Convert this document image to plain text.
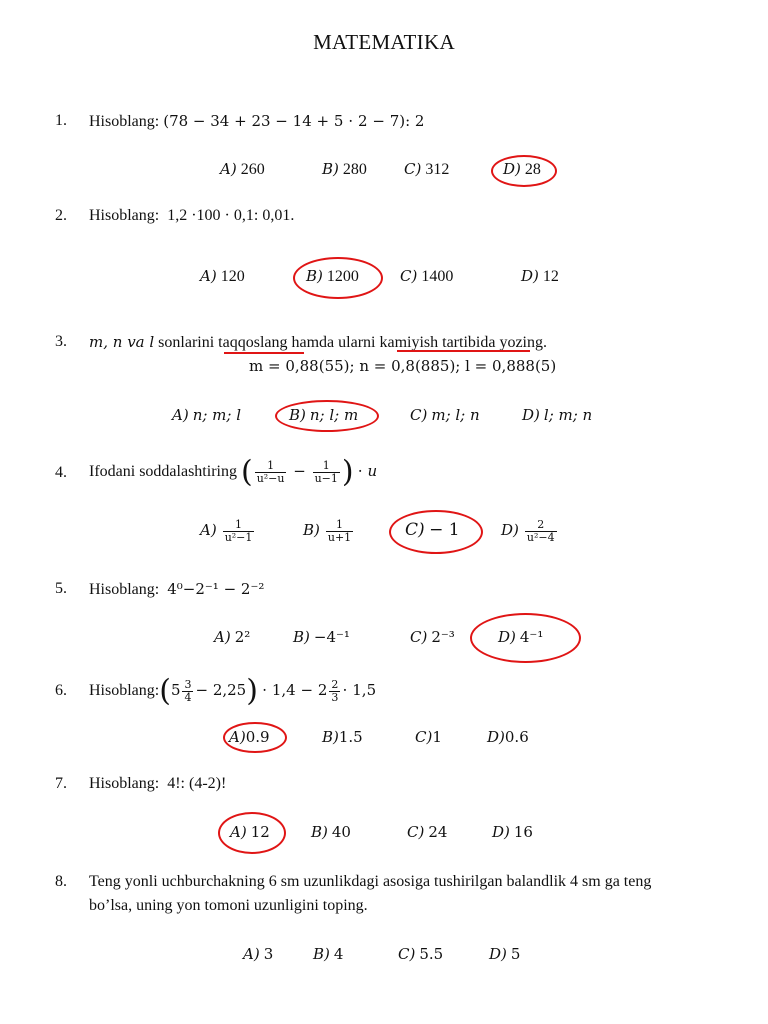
MATEMATIKA
1. Hisoblang: (78 − 34 + 23 − 14 + 5 ⋅ 2 − 7): 2
A) 260	B) 280 C) 312	D) 28
2. Hisoblang: 1,2 ·100 · 0,1: 0,01.
A) 120	B) 1200	C) 1400	D) 12
3. m, n va l sonlarini taqqoslang hamda ularni kamiyish tartibida yozing.
m = 0,88(55); n = 0,8(885); l = 0,888(5)
A) n; m; l	B) n; l; m	C) m; l; n	D) l; m; n
4. Ifodani soddalashtiring ( $\frac{1}{\text{u²−u}} - \frac{1}{u-1}$ ) ⋅ u
$A) \frac{1}{\text{u²−1}}$	$B) \frac{1}{u+1}$	C) − 1	$D) \frac{2}{\text{u²−4}}$
5. Hisoblang: 4⁰−2⁻¹ − 2⁻²
A) 2²	B) −4⁻¹	C) 2⁻³	D) 4⁻¹
6. Hisoblang:(5 $\frac{3}{4} - 2,25) \cdot 1,4 - 2 \frac{2}{3} \cdot 1,5$
A)0.9	B)1.5	C)1	D)0.6
7. Hisoblang: 4!: (4-2)!
A) 12	B) 40	C) 24	D) 16
8. Teng yonli uchburchakning 6 sm uzunlikdagi asosiga tushirilgan balandlik 4 sm ga teng
bo’lsa, uning yon tomoni uzunligini toping.
A) 3	B) 4	C) 5.5	D) 5
